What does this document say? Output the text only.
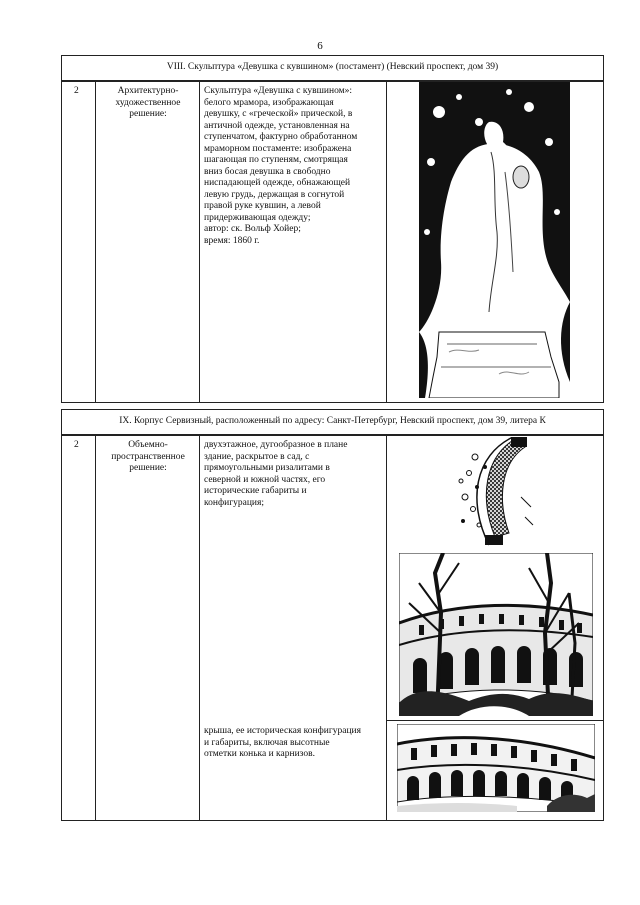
6
VIII. Скульптура «Девушка с кувшином» (постамент) (Невский проспект, дом 39)
2	Архитектурно-
художественное
решение:
Скульптура «Девушка с кувшином»:
белого мрамора, изображающая
девушку, с «греческой» прической, в
античной одежде, установленная на
ступенчатом, фактурно обработанном
мраморном постаменте: изображена
шагающая по ступеням, смотрящая
вниз босая девушка в свободно
ниспадающей одежде, обнажающей
левую грудь, держащая в согнутой
правой руке кувшин, а левой
придерживающая одежду;
автор: ск. Вольф Хойер;
время: 1860 г.
IX. Корпус Сервизный, расположенный по адресу: Санкт-Петербург, Невский проспект, дом 39, литера К
2	Объемно-
пространственное
решение:
двухэтажное, дугообразное в плане
здание, раскрытое в сад, с
прямоугольными ризалитами в
северной и южной частях, его
исторические габариты и
конфигурация;
крыша, ее историческая конфигурация
и габариты, включая высотные
отметки конька и карнизов.
